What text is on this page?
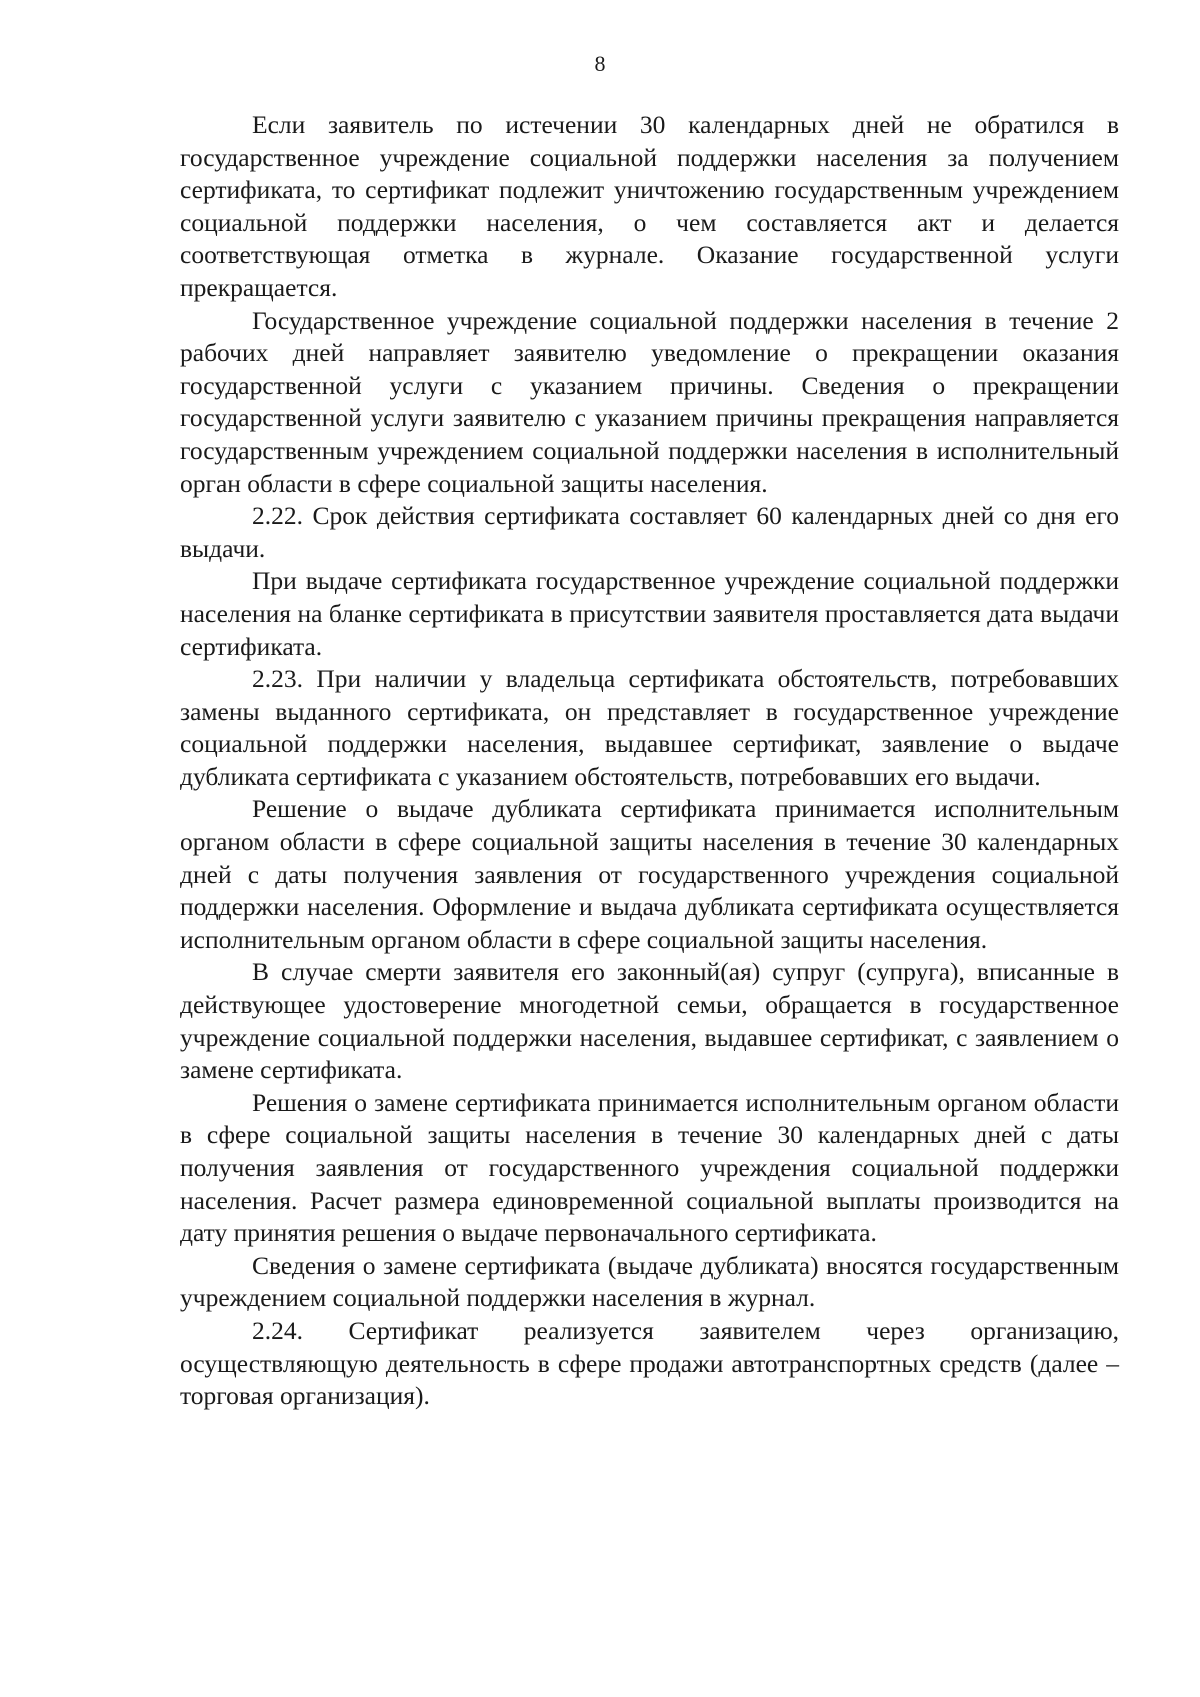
8

Если заявитель по истечении 30 календарных дней не обратился в государственное учреждение социальной поддержки населения за получением сертификата, то сертификат подлежит уничтожению государственным учреждением социальной поддержки населения, о чем составляется акт и делается соответствующая отметка в журнале. Оказание государственной услуги прекращается.

Государственное учреждение социальной поддержки населения в течение 2 рабочих дней направляет заявителю уведомление о прекращении оказания государственной услуги с указанием причины. Сведения о прекращении государственной услуги заявителю с указанием причины прекращения направляется государственным учреждением социальной поддержки населения в исполнительный орган области в сфере социальной защиты населения.

2.22. Срок действия сертификата составляет 60 календарных дней со дня его выдачи.

При выдаче сертификата государственное учреждение социальной поддержки населения на бланке сертификата в присутствии заявителя проставляется дата выдачи сертификата.

2.23. При наличии у владельца сертификата обстоятельств, потребовавших замены выданного сертификата, он представляет в государственное учреждение социальной поддержки населения, выдавшее сертификат, заявление о выдаче дубликата сертификата с указанием обстоятельств, потребовавших его выдачи.

Решение о выдаче дубликата сертификата принимается исполнительным органом области в сфере социальной защиты населения в течение 30 календарных дней с даты получения заявления от государственного учреждения социальной поддержки населения. Оформление и выдача дубликата сертификата осуществляется исполнительным органом области в сфере социальной защиты населения.

В случае смерти заявителя его законный(ая) супруг (супруга), вписанные в действующее удостоверение многодетной семьи, обращается в государственное учреждение социальной поддержки населения, выдавшее сертификат, с заявлением о замене сертификата.

Решения о замене сертификата принимается исполнительным органом области в сфере социальной защиты населения в течение 30 календарных дней с даты получения заявления от государственного учреждения социальной поддержки населения. Расчет размера единовременной социальной выплаты производится на дату принятия решения о выдаче первоначального сертификата.

Сведения о замене сертификата (выдаче дубликата) вносятся государственным учреждением социальной поддержки населения в журнал.

2.24. Сертификат реализуется заявителем через организацию, осуществляющую деятельность в сфере продажи автотранспортных средств (далее – торговая организация).
